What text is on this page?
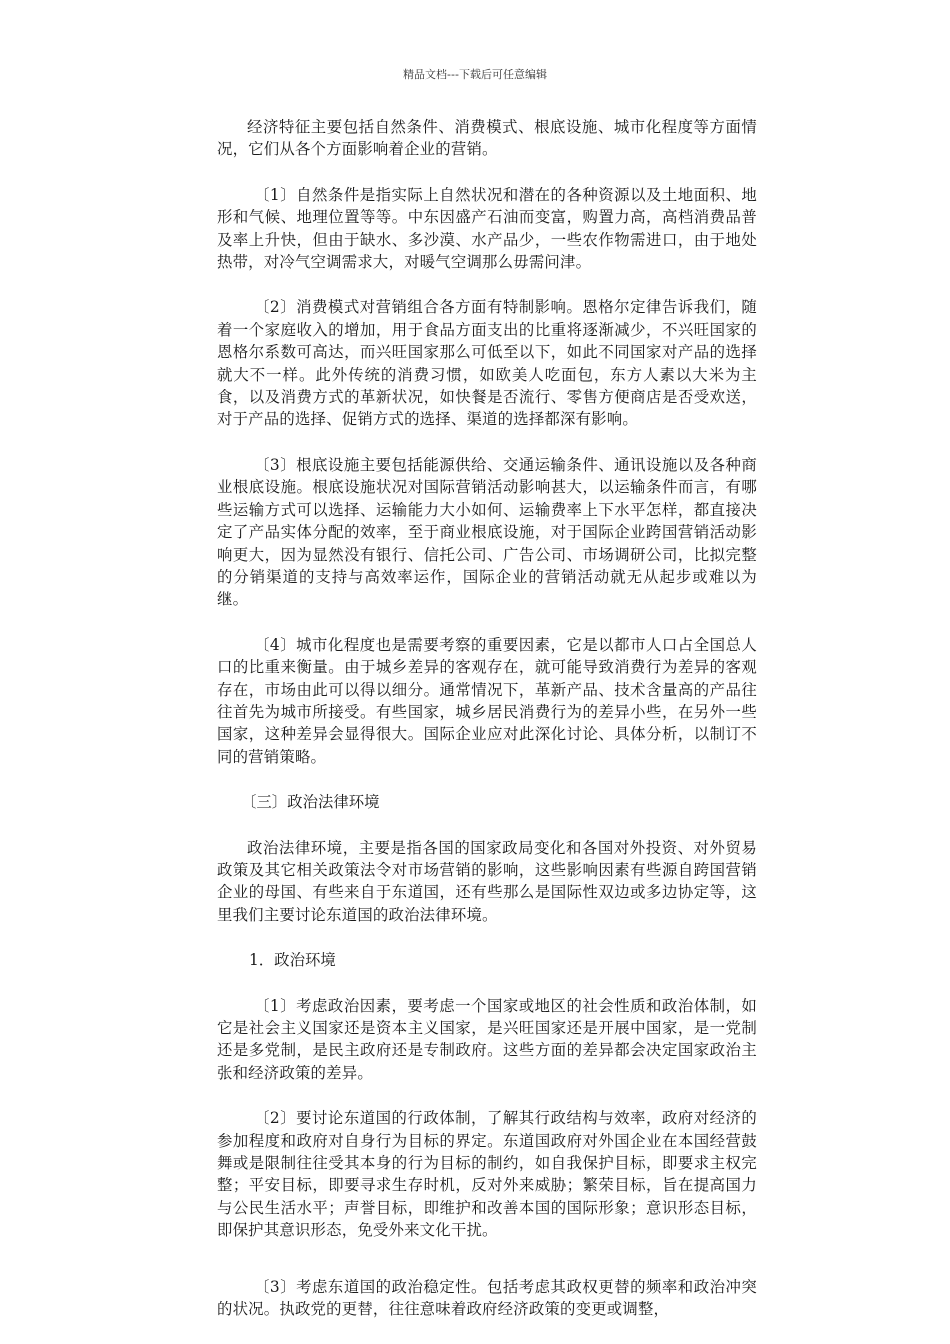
精品文档---下载后可任意编辑

经济特征主要包括自然条件、消费模式、根底设施、城市化程度等方面情况，它们从各个方面影响着企业的营销。

〔1〕自然条件是指实际上自然状况和潜在的各种资源以及土地面积、地形和气候、地理位置等等。中东因盛产石油而变富，购置力高，高档消费品普及率上升快，但由于缺水、多沙漠、水产品少，一些农作物需进口，由于地处热带，对冷气空调需求大，对暖气空调那么毋需问津。

〔2〕消费模式对营销组合各方面有特制影响。恩格尔定律告诉我们，随着一个家庭收入的增加，用于食品方面支出的比重将逐渐减少，不兴旺国家的恩格尔系数可高达，而兴旺国家那么可低至以下，如此不同国家对产品的选择就大不一样。此外传统的消费习惯，如欧美人吃面包，东方人素以大米为主食，以及消费方式的革新状况，如快餐是否流行、零售方便商店是否受欢送，对于产品的选择、促销方式的选择、渠道的选择都深有影响。

〔3〕根底设施主要包括能源供给、交通运输条件、通讯设施以及各种商业根底设施。根底设施状况对国际营销活动影响甚大，以运输条件而言，有哪些运输方式可以选择、运输能力大小如何、运输费率上下水平怎样，都直接决定了产品实体分配的效率，至于商业根底设施，对于国际企业跨国营销活动影响更大，因为显然没有银行、信托公司、广告公司、市场调研公司，比拟完整的分销渠道的支持与高效率运作，国际企业的营销活动就无从起步或难以为继。

〔4〕城市化程度也是需要考察的重要因素，它是以都市人口占全国总人口的比重来衡量。由于城乡差异的客观存在，就可能导致消费行为差异的客观存在，市场由此可以得以细分。通常情况下，革新产品、技术含量高的产品往往首先为城市所接受。有些国家，城乡居民消费行为的差异小些，在另外一些国家，这种差异会显得很大。国际企业应对此深化讨论、具体分析，以制订不同的营销策略。

〔三〕政治法律环境

政治法律环境，主要是指各国的国家政局变化和各国对外投资、对外贸易政策及其它相关政策法令对市场营销的影响，这些影响因素有些源自跨国营销企业的母国、有些来自于东道国，还有些那么是国际性双边或多边协定等，这里我们主要讨论东道国的政治法律环境。

1．政治环境

〔1〕考虑政治因素，要考虑一个国家或地区的社会性质和政治体制，如它是社会主义国家还是资本主义国家，是兴旺国家还是开展中国家，是一党制还是多党制，是民主政府还是专制政府。这些方面的差异都会决定国家政治主张和经济政策的差异。

〔2〕要讨论东道国的行政体制，了解其行政结构与效率，政府对经济的参加程度和政府对自身行为目标的界定。东道国政府对外国企业在本国经营鼓舞或是限制往往受其本身的行为目标的制约，如自我保护目标，即要求主权完整；平安目标，即要寻求生存时机，反对外来威胁；繁荣目标，旨在提高国力与公民生活水平；声誉目标，即维护和改善本国的国际形象；意识形态目标，即保护其意识形态，免受外来文化干扰。

〔3〕考虑东道国的政治稳定性。包括考虑其政权更替的频率和政治冲突的状况。执政党的更替，往往意味着政府经济政策的变更或调整，
